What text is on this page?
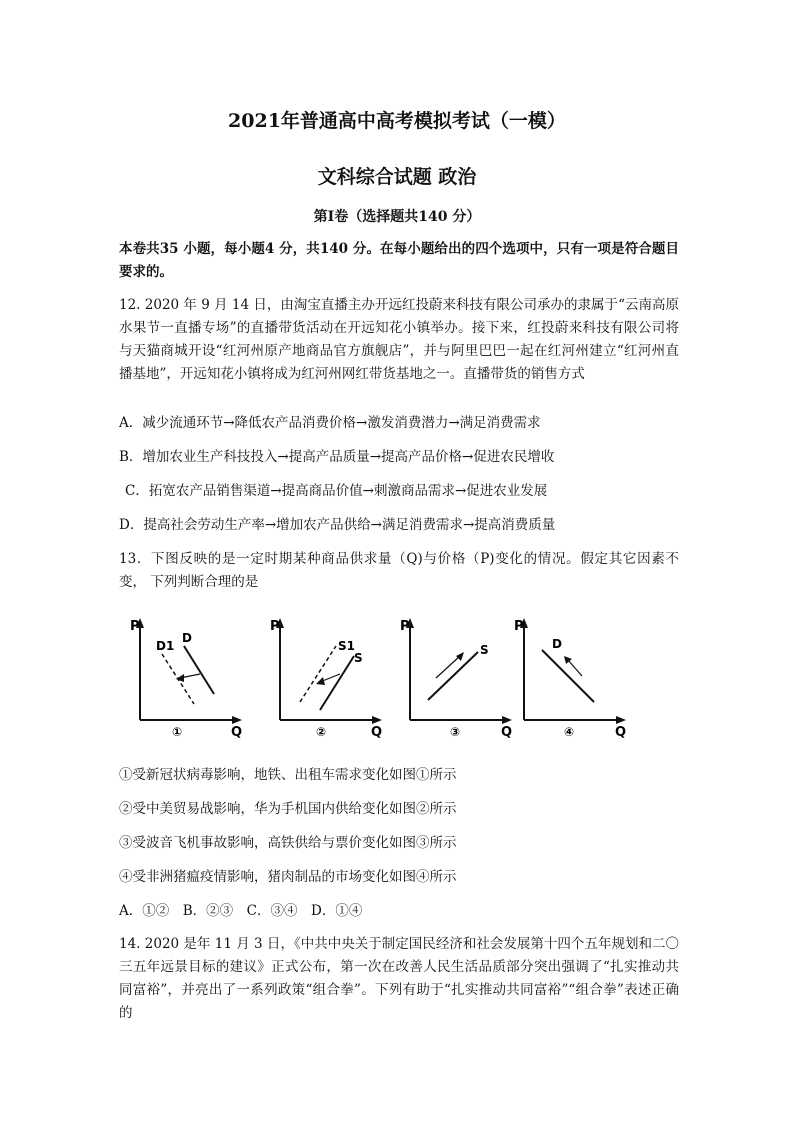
2021年普通高中高考模拟考试（一模）
文科综合试题 政治
第Ⅰ卷（选择题共140 分）

本卷共35 小题，每小题4 分，共140 分。在每小题给出的四个选项中，只有一项是符合题目要求的。

12. 2020 年 9 月 14 日，由淘宝直播主办开远红投蔚来科技有限公司承办的隶属于“云南高原水果节一直播专场”的直播带货活动在开远知花小镇举办。接下来，红投蔚来科技有限公司将与天猫商城开设“红河州原产地商品官方旗舰店”，并与阿里巴巴一起在红河州建立“红河州直播基地”，开远知花小镇将成为红河州网红带货基地之一。直播带货的销售方式

A．减少流通环节→降低农产品消费价格→激发消费潜力→满足消费需求
B．增加农业生产科技投入→提高产品质量→提高产品价格→促进农民增收
C．拓宽农产品销售渠道→提高商品价值→刺激商品需求→促进农业发展
D．提高社会劳动生产率→增加农产品供给→满足消费需求→提高消费质量

13．下图反映的是一定时期某种商品供求量（Q)与价格（P)变化的情况。假定其它因素不变， 下列判断合理的是

P
Q
D1
D
①
P
Q
S1
S
②
P
Q
S
③
P
Q
D
④
①受新冠状病毒影响，地铁、出租车需求变化如图①所示
②受中美贸易战影响，华为手机国内供给变化如图②所示
③受波音飞机事故影响，高铁供给与票价变化如图③所示
④受非洲猪瘟疫情影响，猪肉制品的市场变化如图④所示
A．①②　B．②③　C．③④　D．①④

14. 2020 是年 11 月 3 日，《中共中央关于制定国民经济和社会发展第十四个五年规划和二〇三五年远景目标的建议》正式公布，第一次在改善人民生活品质部分突出强调了“扎实推动共同富裕”，并亮出了一系列政策“组合拳”。下列有助于“扎实推动共同富裕”“组合拳”表述正确的
